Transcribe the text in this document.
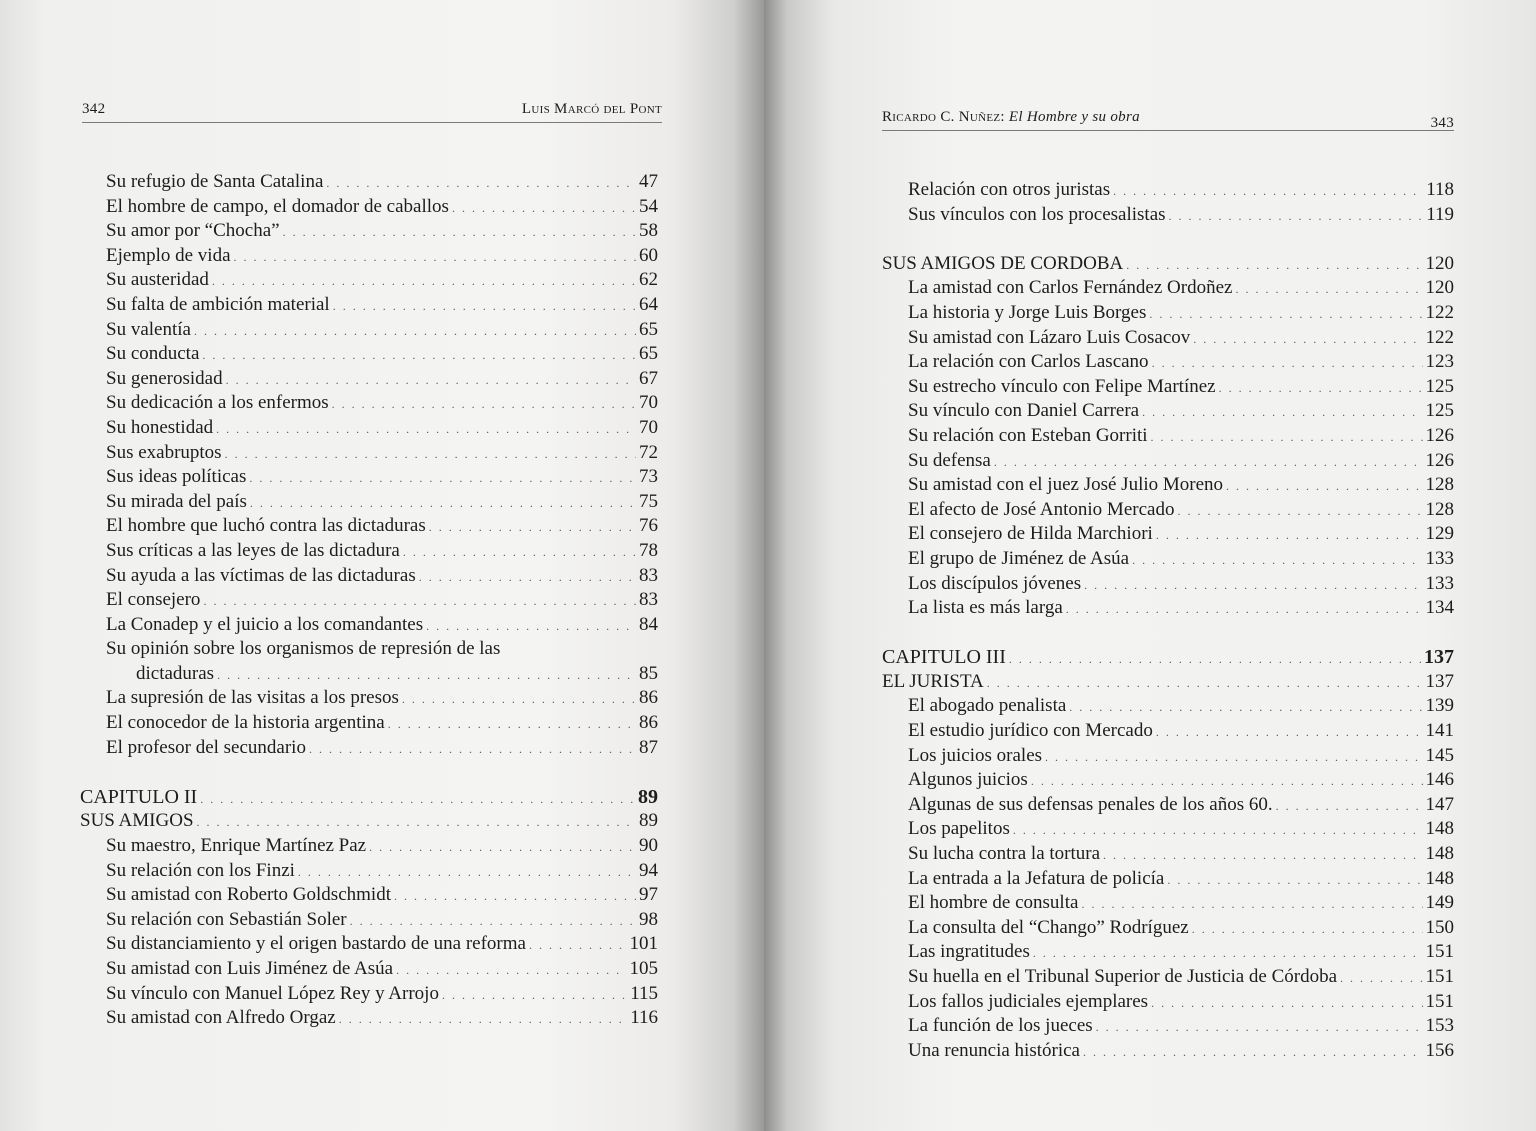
342	Luis Marcó del Pont
Su refugio de Santa Catalina . . .	47
El hombre de campo, el domador de caballos . . .	54
Su amor por “Chocha” . . .	58
Ejemplo de vida . . .	60
Su austeridad . . .	62
Su falta de ambición material . . .	64
Su valentía . . .	65
Su conducta . . .	65
Su generosidad . . .	67
Su dedicación a los enfermos . . .	70
Su honestidad . . .	70
Sus exabruptos . . .	72
Sus ideas políticas . . .	73
Su mirada del país . . .	75
El hombre que luchó contra las dictaduras . . .	76
Sus críticas a las leyes de las dictadura . . .	78
Su ayuda a las víctimas de las dictaduras . . .	83
El consejero . . .	83
La Conadep y el juicio a los comandantes . . .	84
Su opinión sobre los organismos de represión de las
dictaduras . . .	85
La supresión de las visitas a los presos . . .	86
El conocedor de la historia argentina . . .	86
El profesor del secundario . . .	87
CAPITULO II . . .	89
SUS AMIGOS . . .	89
Su maestro, Enrique Martínez Paz . . .	90
Su relación con los Finzi . . .	94
Su amistad con Roberto Goldschmidt . . .	97
Su relación con Sebastián Soler . . .	98
Su distanciamiento y el origen bastardo de una reforma . . .	101
Su amistad con Luis Jiménez de Asúa . . .	105
Su vínculo con Manuel López Rey y Arrojo . . .	115
Su amistad con Alfredo Orgaz . . .	116
Ricardo C. Nuñez: El Hombre y su obra	343
Relación con otros juristas . . .	118
Sus vínculos con los procesalistas . . .	119
SUS AMIGOS DE CORDOBA . . .	120
La amistad con Carlos Fernández Ordoñez . . .	120
La historia y Jorge Luis Borges . . .	122
Su amistad con Lázaro Luis Cosacov . . .	122
La relación con Carlos Lascano . . .	123
Su estrecho vínculo con Felipe Martínez . . .	125
Su vínculo con Daniel Carrera . . .	125
Su relación con Esteban Gorriti . . .	126
Su defensa . . .	126
Su amistad con el juez José Julio Moreno . . .	128
El afecto de José Antonio Mercado . . .	128
El consejero de Hilda Marchiori . . .	129
El grupo de Jiménez de Asúa . . .	133
Los discípulos jóvenes . . .	133
La lista es más larga . . .	134
CAPITULO III . . .	137
EL JURISTA . . .	137
El abogado penalista . . .	139
El estudio jurídico con Mercado . . .	141
Los juicios orales . . .	145
Algunos juicios . . .	146
Algunas de sus defensas penales de los años 60. . . .	147
Los papelitos . . .	148
Su lucha contra la tortura . . .	148
La entrada a la Jefatura de policía . . .	148
El hombre de consulta . . .	149
La consulta del “Chango” Rodríguez . . .	150
Las ingratitudes . . .	151
Su huella en el Tribunal Superior de Justicia de Córdoba . . .	151
Los fallos judiciales ejemplares . . .	151
La función de los jueces . . .	153
Una renuncia histórica . . .	156
